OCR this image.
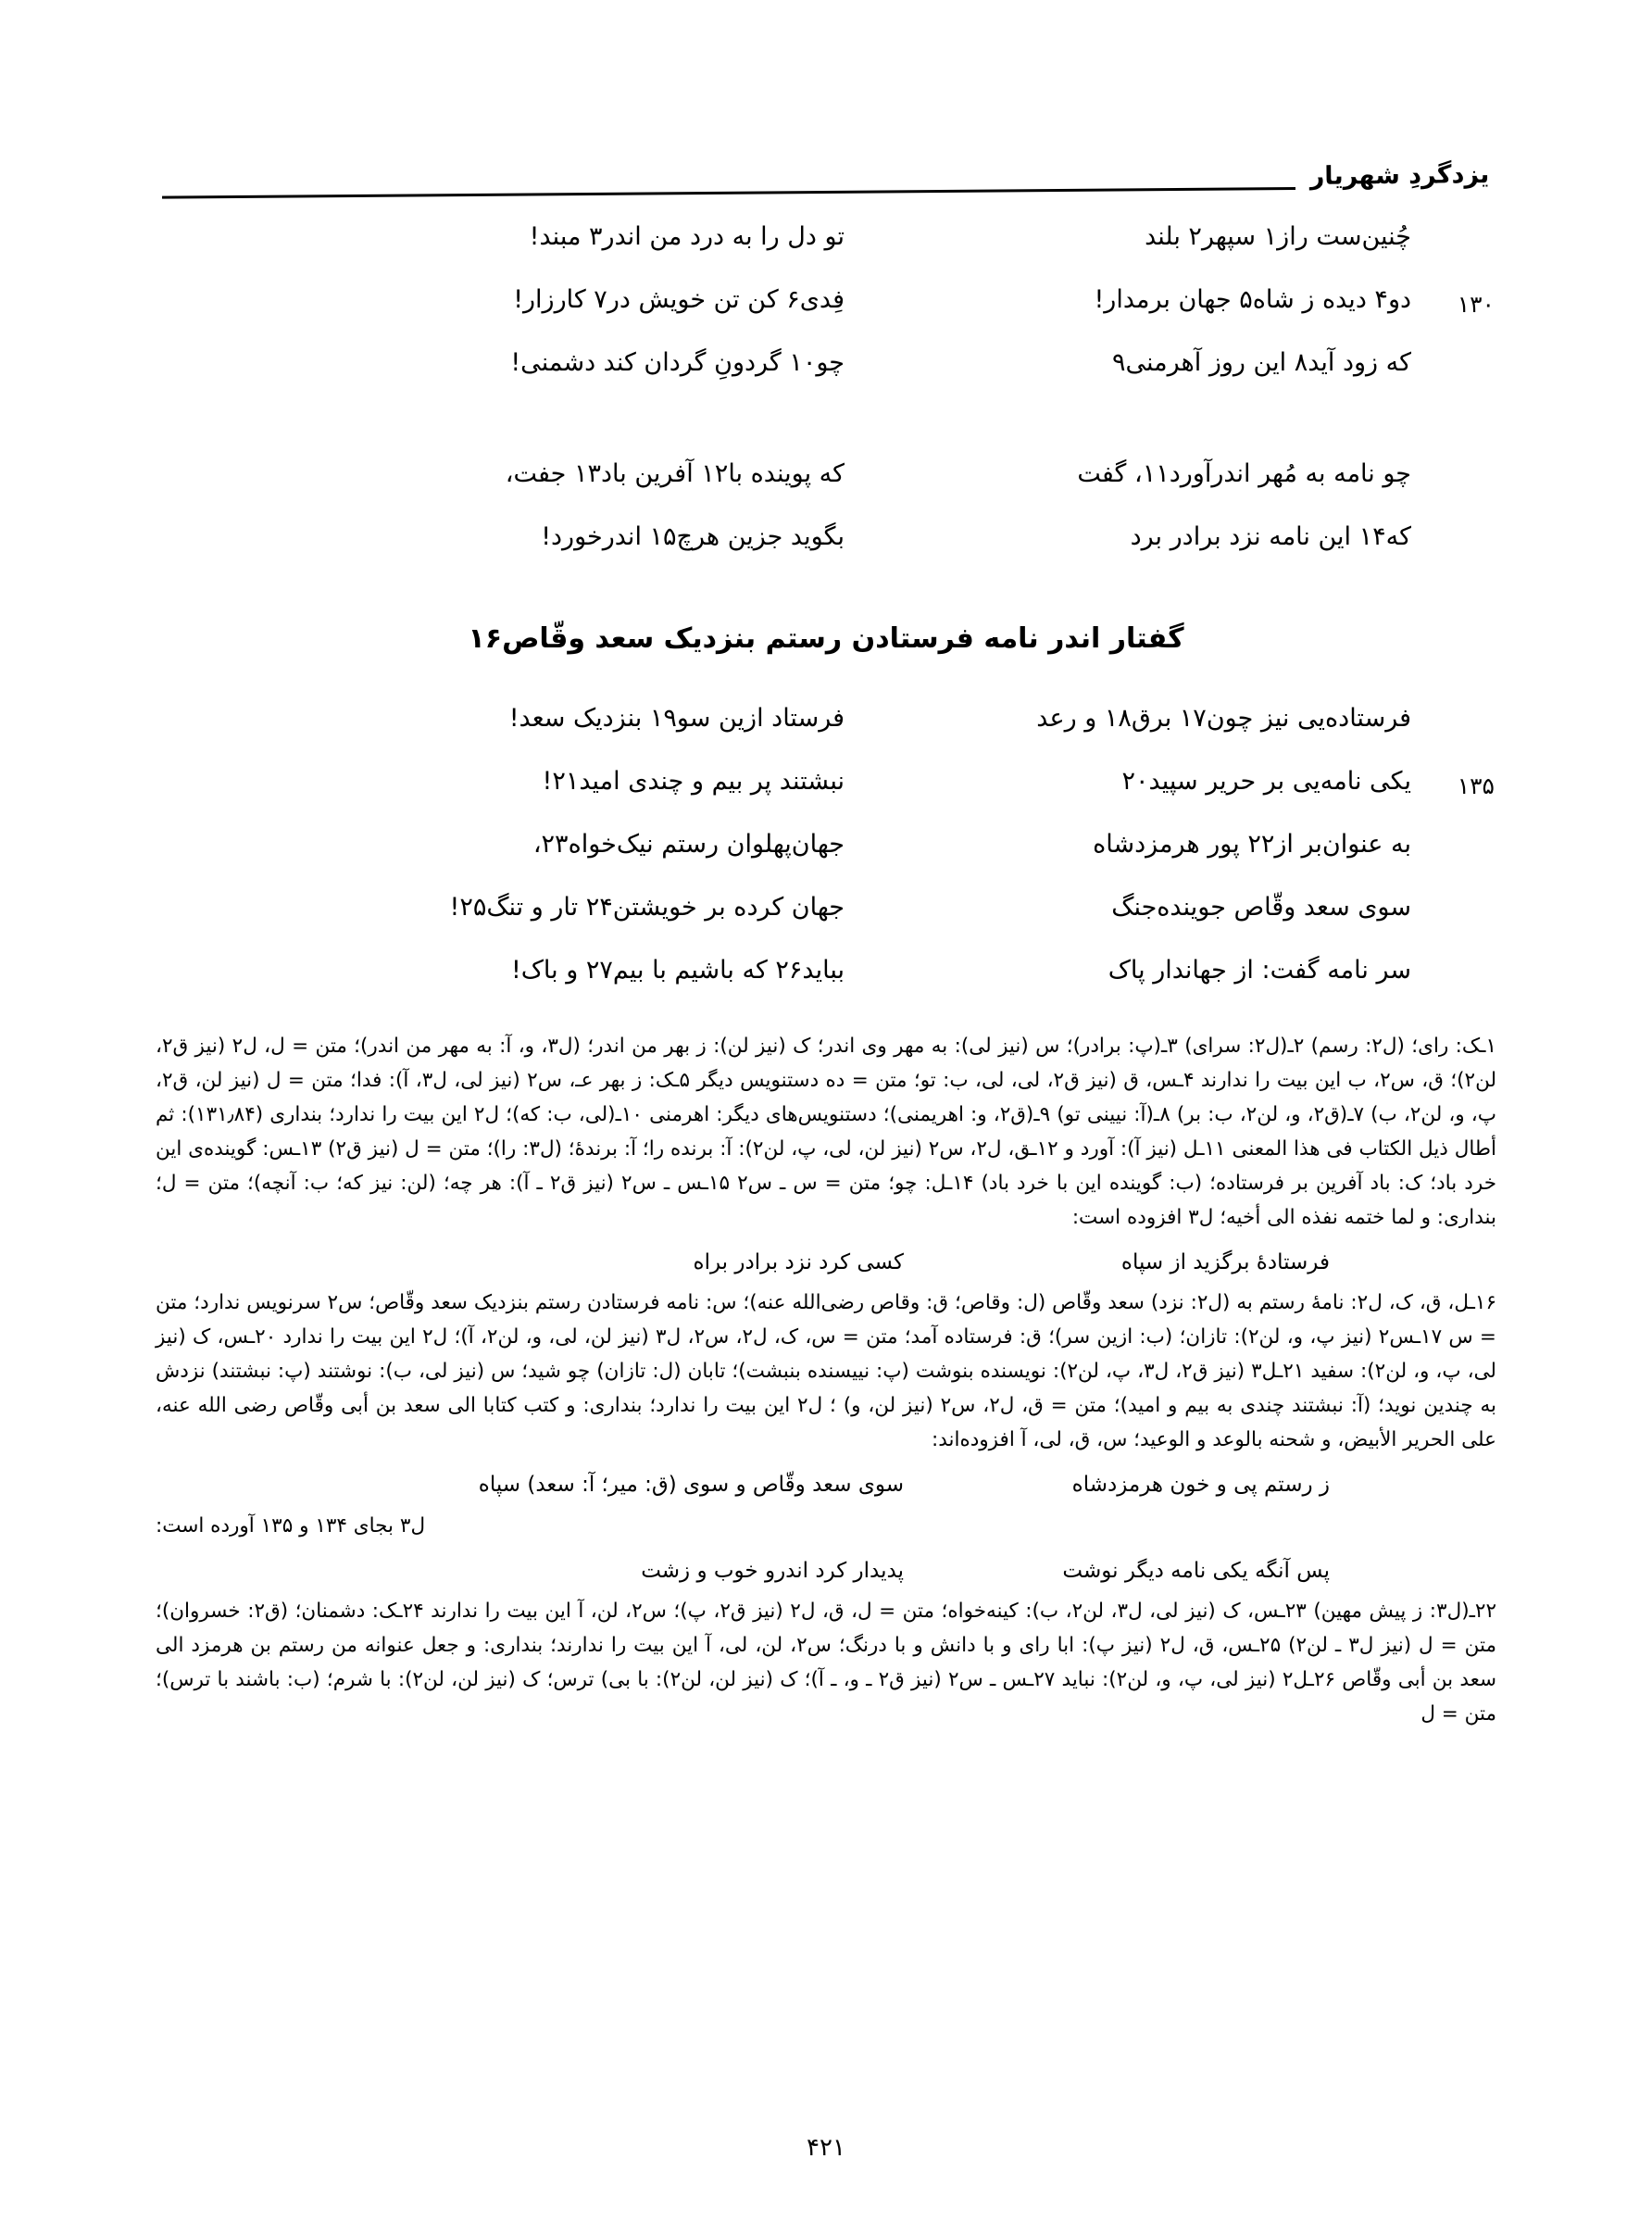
یزدگردِ شهریار
چُنین‌ست راز۱ سپهر۲ بلند
تو دل را به درد من اندر۳ مبند!
۱۳۰
دو۴ دیده ز شاه۵ جهان برمدار!
فِدی۶ کن تن خویش در۷ کارزار!
که زود آید۸ این روز آهرمنی۹
چو۱۰ گردونِ گردان کند دشمنی!
چو نامه به مُهر اندرآورد۱۱، گفت
که پوینده با۱۲ آفرین باد۱۳ جفت،
که۱۴ این نامه نزد برادر برد
بگوید جزین هرچ۱۵ اندرخورد!
گفتار اندر نامه فرستادن رستم بنزدیک سعد وقّاص۱۶
فرستاده‌یی نیز چون۱۷ برق۱۸ و رعد
فرستاد ازین سو۱۹ بنزدیک سعد!
۱۳۵
یکی نامه‌یی بر حریر سپید۲۰
نبشتند پر بیم و چندی امید۲۱!
به عنوان‌بر از۲۲ پور هرمزدشاه
جهان‌پهلوان رستم نیک‌خواه۲۳،
سوی سعد وقّاص جوینده‌جنگ
جهان کرده بر خویشتن۲۴ تار و تنگ۲۵!
سر نامه گفت: از جهاندار پاک
بباید۲۶ که باشیم با بیم۲۷ و باک!

۱ـک: رای؛ (ل۲: رسم) ۲ـ(ل۲: سرای) ۳ـ(پ: برادر)؛ س (نیز لی): به مهر وی اندر؛ ک (نیز لن): ز بهر من اندر؛ (ل۳، و، آ: به مهر من اندر)؛ متن = ل، ل۲ (نیز ق۲، لن۲)؛ ق، س۲، ب این بیت را ندارند ۴ـس، ق (نیز ق۲، لی، لی، ب: تو؛ متن = ده دستنویس دیگر ۵ـک: ز بهر عـ، س۲ (نیز لی، ل۳، آ): فدا؛ متن = ل (نیز لن، ق۲، پ، و، لن۲، ب) ۷ـ(ق۲، و، لن۲، ب: بر) ۸ـ(آ: نیینی تو) ۹ـ(ق۲، و: اهریمنی)؛ دستنویس‌های دیگر: اهرمنی ۱۰ـ(لی، ب: که)؛ ل۲ این بیت را ندارد؛ بنداری (۱۳۱٫۸۴): ثم أطال ذیل الکتاب فی هذا المعنی ۱۱ـل (نیز آ): آورد و ۱۲ـق، ل۲، س۲ (نیز لن، لی، پ، لن۲): آ: برنده را؛ آ: برندهٔ؛ (ل۳: را)؛ متن = ل (نیز ق۲) ۱۳ـس: گوینده‌ی این خرد باد؛ ک: باد آفرین بر فرستاده؛ (ب: گوینده این با خرد باد) ۱۴ـل: چو؛ متن = س ـ س۲ ۱۵ـس ـ س۲ (نیز ق۲ ـ آ): هر چه؛ (لن: نیز که؛ ب: آنچه)؛ متن = ل؛ بنداری: و لما ختمه نفذه الی أخیه؛ ل۳ افزوده است:

فرستادهٔ برگزید از سپاه
کسی کرد نزد برادر براه

۱۶ـل، ق، ک، ل۲: نامهٔ رستم به (ل۲: نزد) سعد وقّاص (ل: وقاص؛ ق: وقاص رضی‌الله عنه)؛ س: نامه فرستادن رستم بنزدیک سعد وقّاص؛ س۲ سرنویس ندارد؛ متن = س ۱۷ـس۲ (نیز پ، و، لن۲): تازان؛ (ب: ازین سر)؛ ق: فرستاده آمد؛ متن = س، ک، ل۲، س۲، ل۳ (نیز لن، لی، و، لن۲، آ)؛ ل۲ این بیت را ندارد ۲۰ـس، ک (نیز لی، پ، و، لن۲): سفید ۲۱ـل۳ (نیز ق۲، ل۳، پ، لن۲): نویسنده بنوشت (پ: نییسنده بنبشت)؛ تابان (ل: تازان) چو شید؛ س (نیز لی، ب): نوشتند (پ: نبشتند) نزدش به چندین نوید؛ (آ: نبشتند چندی به بیم و امید)؛ متن = ق، ل۲، س۲ (نیز لن، و) ؛ ل۲ این بیت را ندارد؛ بنداری: و کتب کتابا الی سعد بن أبی وقّاص رضی الله عنه، علی الحریر الأبیض، و شحنه بالوعد و الوعید؛ س، ق، لی، آ افزوده‌اند:

ز رستم پی و خون هرمزدشاه
سوی سعد وقّاص و سوی (ق: میر؛ آ: سعد) سپاه

ل۳ بجای ۱۳۴ و ۱۳۵ آورده است:

پس آنگه یکی نامه دیگر نوشت
پدیدار کرد اندرو خوب و زشت

۲۲ـ(ل۳: ز پیش مهین) ۲۳ـس، ک (نیز لی، ل۳، لن۲، ب): کینه‌خواه؛ متن = ل، ق، ل۲ (نیز ق۲، پ)؛ س۲، لن، آ این بیت را ندارند ۲۴ـک: دشمنان؛ (ق۲: خسروان)؛ متن = ل (نیز ل۳ ـ لن۲) ۲۵ـس، ق، ل۲ (نیز پ): ابا رای و با دانش و با درنگ؛ س۲، لن، لی، آ این بیت را ندارند؛ بنداری: و جعل عنوانه من رستم بن هرمزد الی سعد بن أبی وقّاص ۲۶ـل۲ (نیز لی، پ، و، لن۲): نباید ۲۷ـس ـ س۲ (نیز ق۲ ـ و، ـ آ)؛ ک (نیز لن، لن۲): با بی) ترس؛ ک (نیز لن، لن۲): با شرم؛ (ب: باشند با ترس)؛ متن = ل

۴۲۱
